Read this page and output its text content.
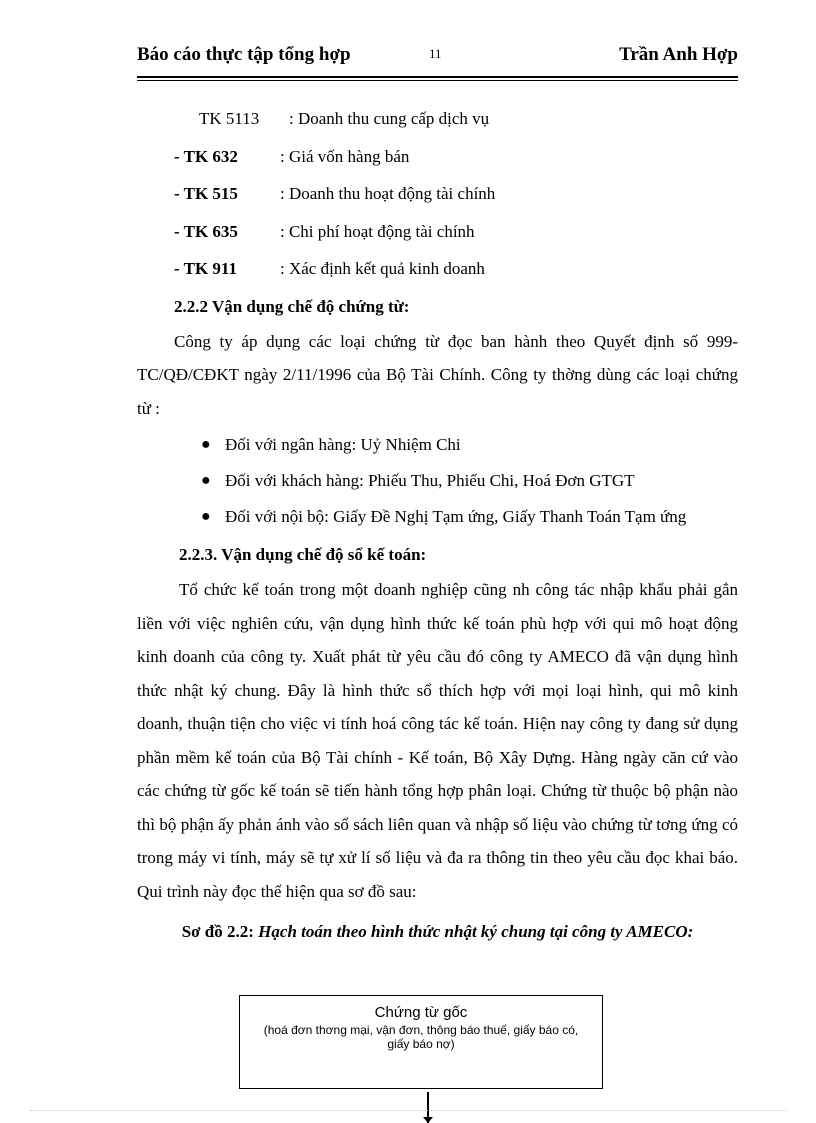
Báo cáo thực tập tổng hợp	11	Trần Anh Hợp
TK 5113 : Doanh thu cung cấp dịch vụ
- TK 632 : Giá vốn hàng bán
- TK 515 : Doanh thu hoạt động tài chính
- TK 635 : Chi phí hoạt động tài chính
- TK 911	: Xác định kết quả kinh doanh
2.2.2 Vận dụng chế độ chứng từ:

Công ty áp dụng các loại chứng từ đọc ban hành theo Quyết định số 999- TC/QĐ/CĐKT ngày 2/11/1996 của Bộ Tài Chính. Công ty thờng dùng các loại chứng từ :

● Đối với ngân hàng: Uỷ Nhiệm Chi
● Đối với khách hàng: Phiếu Thu, Phiếu Chi, Hoá Đơn GTGT
● Đối với nội bộ: Giấy Đề Nghị Tạm ứng, Giấy Thanh Toán Tạm ứng
2.2.3. Vận dụng chế độ sổ kế toán:

Tổ chức kế toán trong một doanh nghiệp cũng nh công tác nhập khẩu phải gắn liền với việc nghiên cứu, vận dụng hình thức kế toán phù hợp với qui mô hoạt động kinh doanh của công ty. Xuất phát từ yêu cầu đó công ty AMECO đã vận dụng hình thức nhật ký chung. Đây là hình thức sổ thích hợp với mọi loại hình, qui mô kinh doanh, thuận tiện cho việc vi tính hoá công tác kế toán. Hiện nay công ty đang sử dụng phần mềm kế toán của Bộ Tài chính - Kế toán, Bộ Xây Dựng. Hàng ngày căn cứ vào các chứng từ gốc kế toán sẽ tiến hành tổng hợp phân loại. Chứng từ thuộc bộ phận nào thì bộ phận ấy phản ánh vào sổ sách liên quan và nhập số liệu vào chứng từ tơng ứng có trong máy vi tính, máy sẽ tự xử lí số liệu và đa ra thông tin theo yêu cầu đọc khai báo. Qui trình này đọc thể hiện qua sơ đồ sau:

Sơ đồ 2.2: Hạch toán theo hình thức nhật ký chung tại công ty AMECO:
Chứng từ gốc
(hoá đơn thơng mại, vận đơn, thông báo thuế, giấy báo có, giấy báo nợ)
